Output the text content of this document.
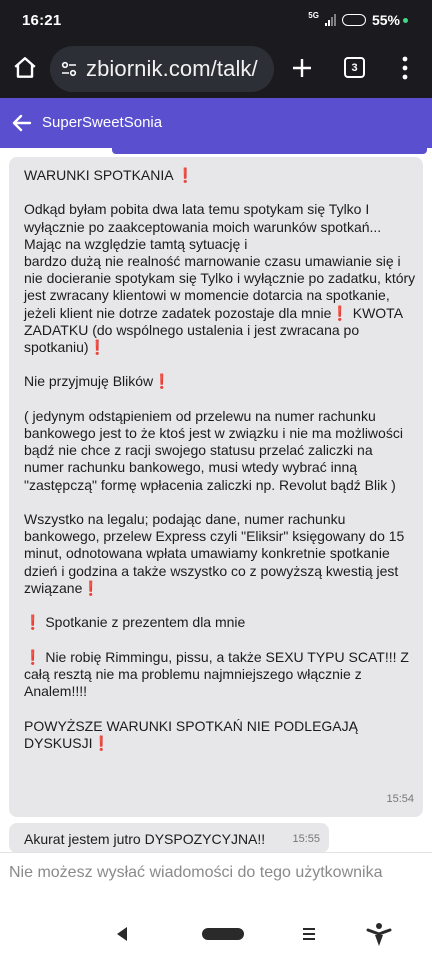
16:21	5G	55%
zbiornik.com/talk/	3
SuperSweetSonia
WARUNKI SPOTKANIA ❗

Odkąd byłam pobita dwa lata temu spotykam się Tylko I wyłącznie po zaakceptowania moich warunków spotkań... Mając na względzie tamtą sytuację i
bardzo dużą nie realność marnowanie czasu umawianie się i nie docieranie spotykam się Tylko i wyłącznie po zadatku, który jest zwracany klientowi w momencie dotarcia na spotkanie, jeżeli klient nie dotrze zadatek pozostaje dla mnie❗ KWOTA ZADATKU (do wspólnego ustalenia i jest zwracana po spotkaniu)❗

Nie przyjmuję Blików❗

( jedynym odstąpieniem od przelewu na numer rachunku bankowego jest to że ktoś jest w związku i nie ma możliwości bądź nie chce z racji swojego statusu przelać zaliczki na numer rachunku bankowego, musi wtedy wybrać inną "zastępczą" formę wpłacenia zaliczki np. Revolut bądź Blik )

Wszystko na legalu; podając dane, numer rachunku bankowego, przelew Express czyli "Eliksir" księgowany do 15 minut, odnotowana wpłata umawiamy konkretnie spotkanie dzień i godzina a także wszystko co z powyższą kwestią jest związane❗

❗ Spotkanie z prezentem dla mnie

❗ Nie robię Rimmingu, pissu, a także SEXU TYPU SCAT!!! Z całą resztą nie ma problemu najmniejszego włącznie z Analem!!!!

POWYŻSZE WARUNKI SPOTKAŃ NIE PODLEGAJĄ DYSKUSJI❗
15:54
Akurat jestem jutro DYSPOZYCYJNA!!	15:55
Nie możesz wysłać wiadomości do tego użytkownika
